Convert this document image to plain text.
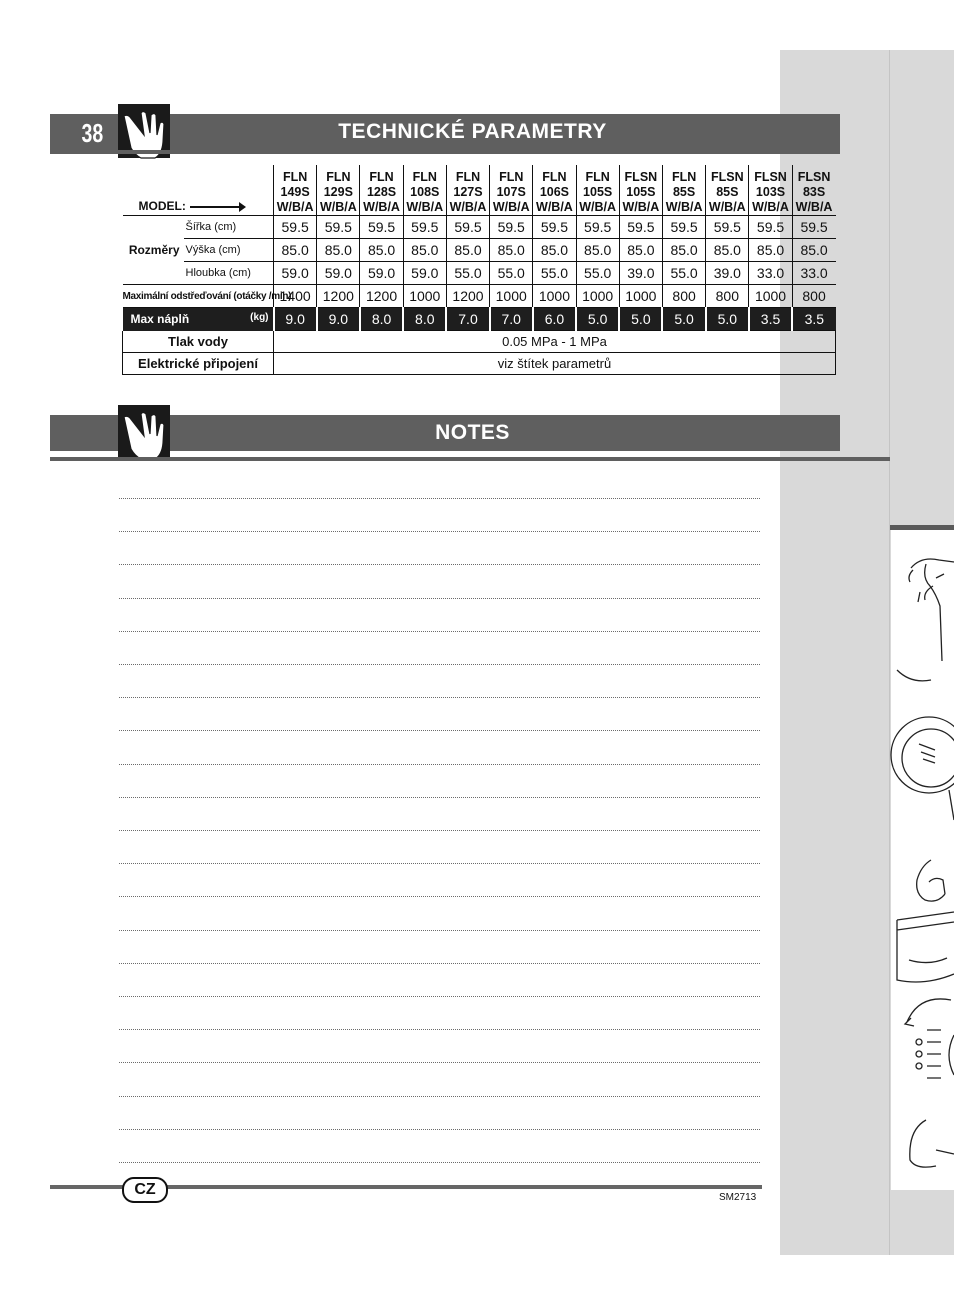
38	TECHNICKÉ PARAMETRY
MODEL:		FLN
149S
W/B/A	FLN
129S
W/B/A	FLN
128S
W/B/A	FLN
108S
W/B/A	FLN
127S
W/B/A	FLN
107S
W/B/A	FLN
106S
W/B/A	FLN
105S
W/B/A	FLSN
105S
W/B/A	FLN
85S
W/B/A	FLSN
85S
W/B/A	FLSN
103S
W/B/A	FLSN
83S
W/B/A

Rozměry	Šířka (cm)	59.5	59.5	59.5	59.5	59.5	59.5	59.5	59.5	59.5	59.5	59.5	59.5	59.5
	Výška (cm)	85.0	85.0	85.0	85.0	85.0	85.0	85.0	85.0	85.0	85.0	85.0	85.0	85.0
	Hloubka (cm)	59.0	59.0	59.0	59.0	55.0	55.0	55.0	55.0	39.0	55.0	39.0	33.0	33.0
Maximální odstřeďování (otáčky /min)		1400	1200	1200	1000	1200	1000	1000	1000	1000	800	800	1000	800

Max náplň (kg)		9.0	9.0	8.0	8.0	7.0	7.0	6.0	5.0	5.0	5.0	5.0	3.5	3.5
Tlak vody		0.05 MPa - 1 MPa												
Elektrické připojení		viz štítek parametrů												
NOTES
CZ	SM2713
